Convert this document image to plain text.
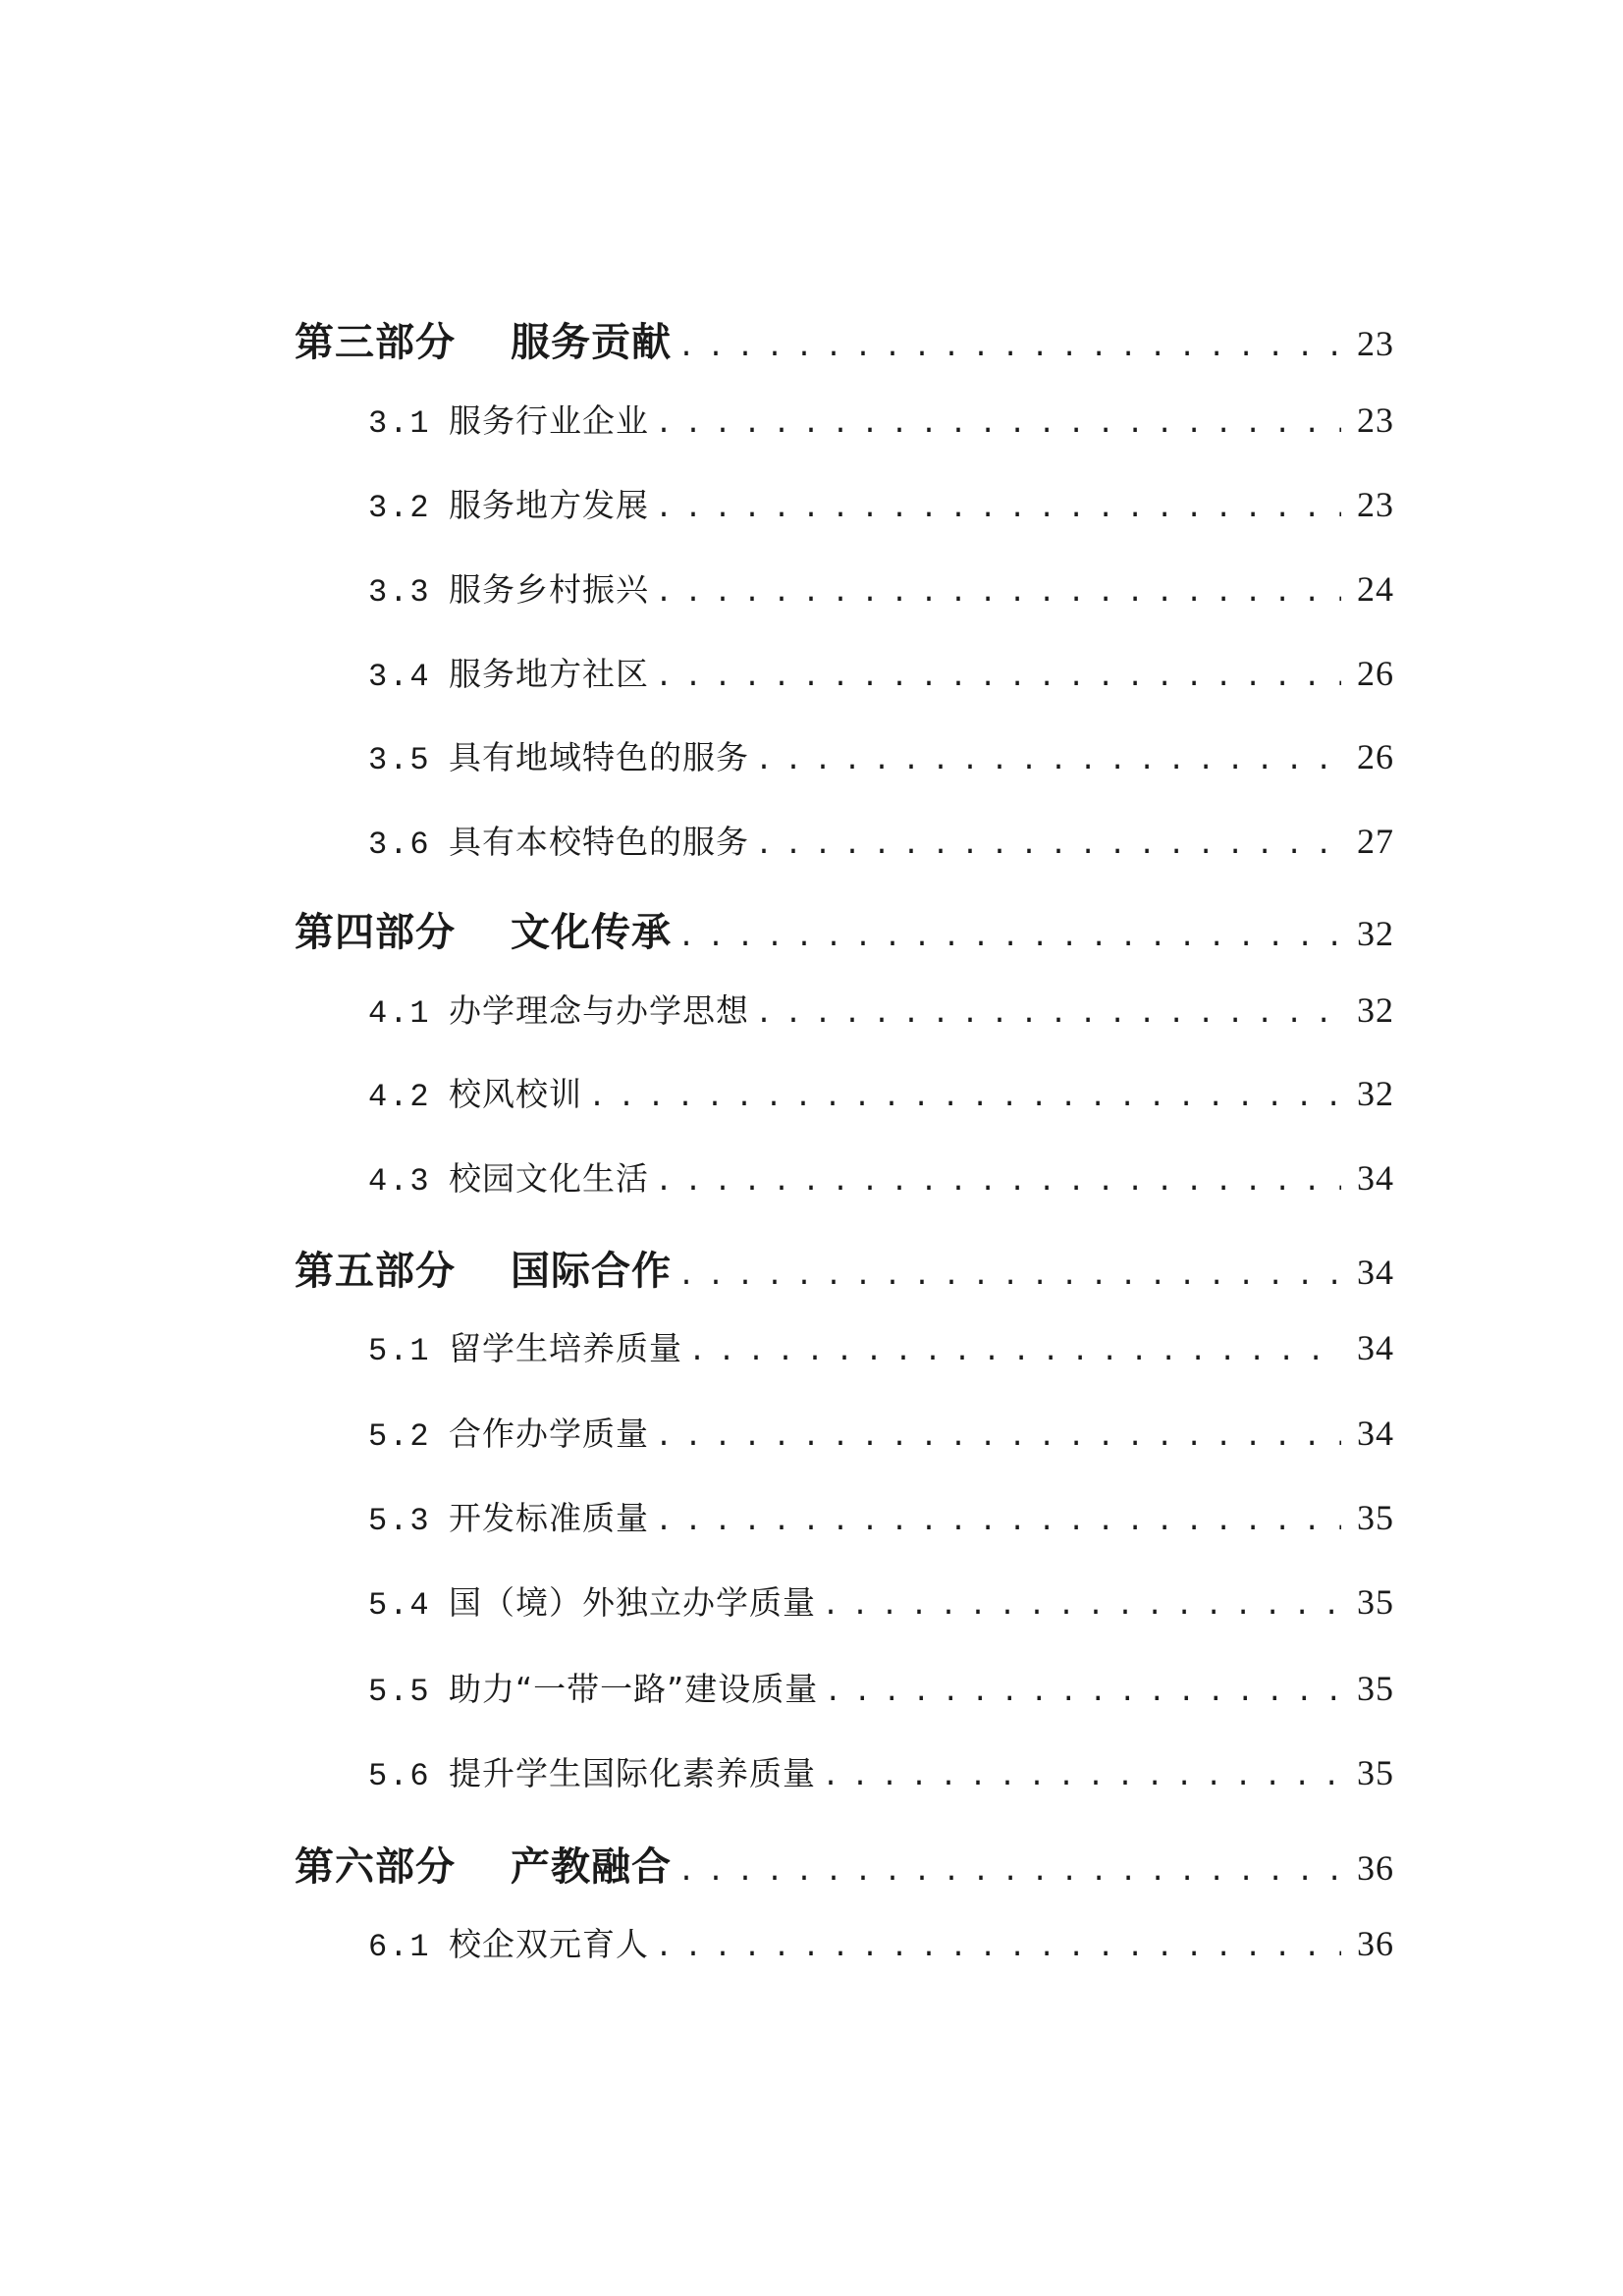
第三部分	服务贡献 . . .	23
3.1 服务行业企业 . . .	23
3.2 服务地方发展 . . .	23
3.3 服务乡村振兴 . . .	24
3.4 服务地方社区 . . .	26
3.5 具有地域特色的服务 . . .	26
3.6 具有本校特色的服务 . . .	27
第四部分	文化传承 . . .	32
4.1 办学理念与办学思想 . . .	32
4.2 校风校训 . . .	32
4.3 校园文化生活 . . .	34
第五部分	国际合作 . . .	34
5.1 留学生培养质量 . . .	34
5.2 合作办学质量 . . .	34
5.3 开发标准质量 . . .	35
5.4 国（境）外独立办学质量 . . .	35
5.5 助力“一带一路”建设质量 . . .	35
5.6 提升学生国际化素养质量 . . .	35
第六部分	产教融合 . . .	36
6.1 校企双元育人 . . .	36
